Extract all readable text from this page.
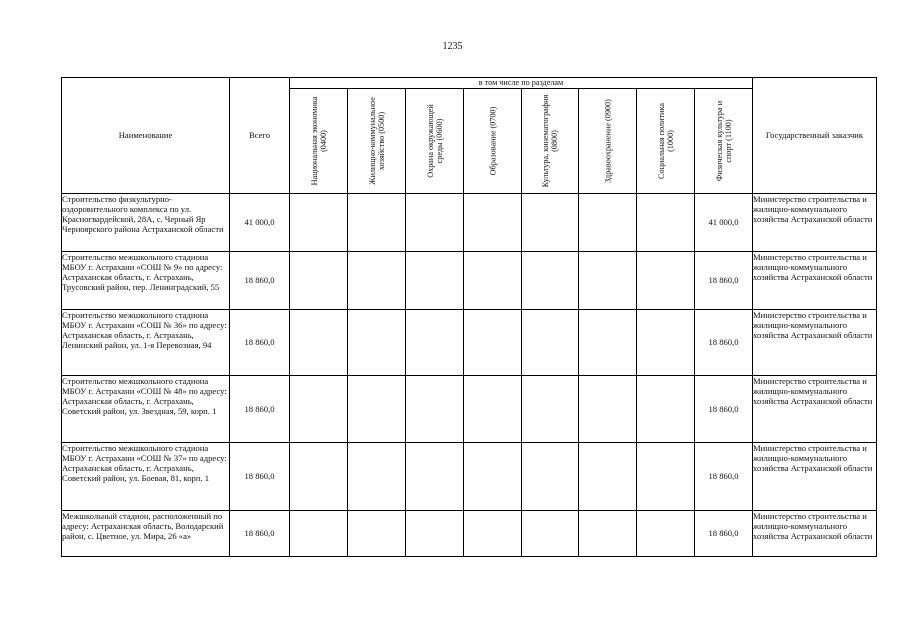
1235
Наименование	Всего	в том числе по разделам								Государственный заказчик

		Национальная экономика (0400)	Жилищно-коммунальное хозяйство (0500)	Охрана окружающей среды (0600)	Образование (0700)	Культура, кинематография (0800)	Здравоохранение (0900)	Социальная политика (1000)	Физическая культура и спорт (1100)	

Строительство физкультурно-оздоровительного комплекса по ул. Красногвардейской, 28А, с. Черный Яр Черноярского района Астраханской области	41 000,0								41 000,0	Министерство строительства и жилищно-коммунального хозяйства Астраханской области
Строительство межшкольного стадиона МБОУ г. Астрахани «СОШ № 9» по адресу: Астраханская область, г. Астрахань, Трусовский район, пер. Ленинградский, 55	18 860,0								18 860,0	Министерство строительства и жилищно-коммунального хозяйства Астраханской области
Строительство межшкольного стадиона МБОУ г. Астрахани «СОШ № 36» по адресу: Астраханская область, г. Астрахань, Ленинский район, ул. 1-я Перевозная, 94	18 860,0								18 860,0	Министерство строительства и жилищно-коммунального хозяйства Астраханской области
Строительство межшкольного стадиона МБОУ г. Астрахани «СОШ № 48» по адресу: Астраханская область, г. Астрахань, Советский район, ул. Звездная, 59, корп. 1	18 860,0								18 860,0	Министерство строительства и жилищно-коммунального хозяйства Астраханской области
Строительство межшкольного стадиона МБОУ г. Астрахани «СОШ № 37» по адресу: Астраханская область, г. Астрахань, Советский район, ул. Боевая, 81, корп. 1	18 860,0								18 860,0	Министерство строительства и жилищно-коммунального хозяйства Астраханской области
Межшкольный стадион, расположенный по адресу: Астраханская область, Володарский район, с. Цветное, ул. Мира, 26 «а»	18 860,0								18 860,0	Министерство строительства и жилищно-коммунального хозяйства Астраханской области
